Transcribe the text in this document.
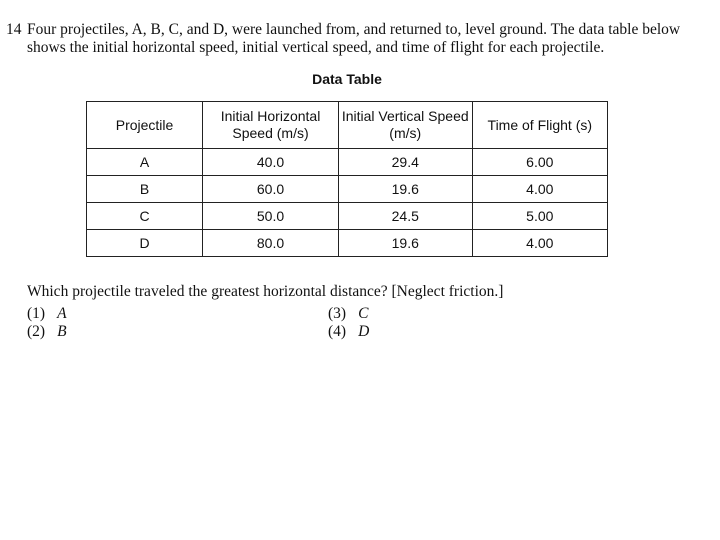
14 Four projectiles, A, B, C, and D, were launched from, and returned to, level ground. The data table below
shows the initial horizontal speed, initial vertical speed, and time of flight for each projectile.
Data Table
Projectile	Initial Horizontal Speed (m/s)	Initial Vertical Speed (m/s)	Time of Flight (s)
A	40.0	29.4	6.00
B	60.0	19.6	4.00
C	50.0	24.5	5.00
D	80.0	19.6	4.00
Which projectile traveled the greatest horizontal distance? [Neglect friction.]
(1) A
(2) B
(3) C
(4) D
